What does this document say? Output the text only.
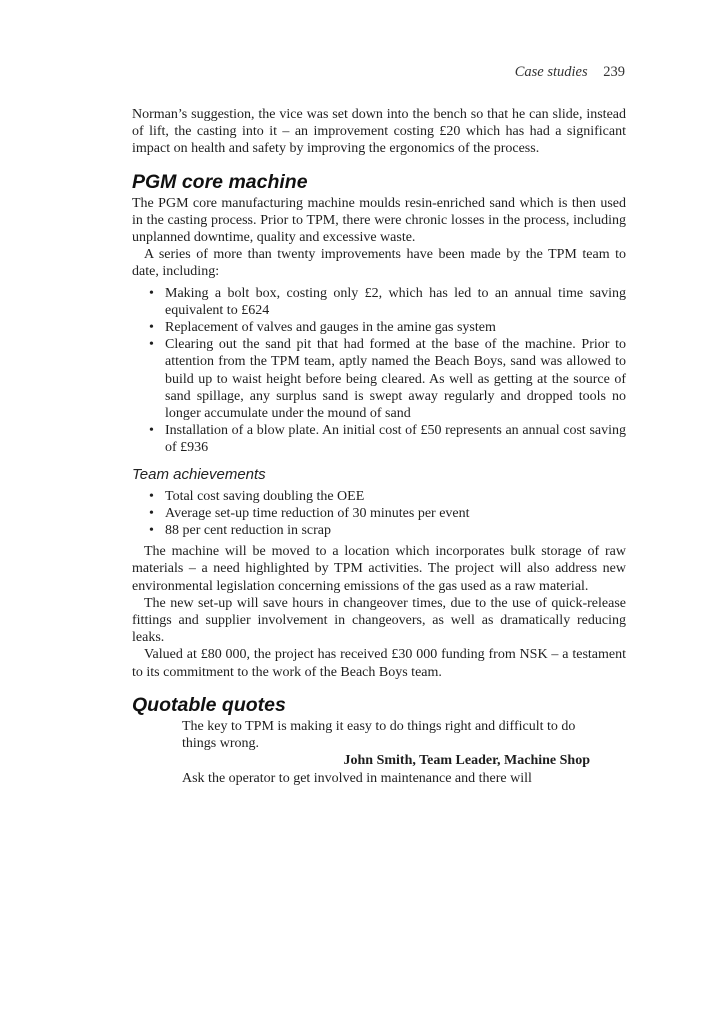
Case studies 239

Norman’s suggestion, the vice was set down into the bench so that he can slide, instead of lift, the casting into it – an improvement costing £20 which has had a significant impact on health and safety by improving the ergonomics of the process.

PGM core machine

The PGM core manufacturing machine moulds resin-enriched sand which is then used in the casting process. Prior to TPM, there were chronic losses in the process, including unplanned downtime, quality and excessive waste.

A series of more than twenty improvements have been made by the TPM team to date, including:

• Making a bolt box, costing only £2, which has led to an annual time saving equivalent to £624
• Replacement of valves and gauges in the amine gas system
• Clearing out the sand pit that had formed at the base of the machine. Prior to attention from the TPM team, aptly named the Beach Boys, sand was allowed to build up to waist height before being cleared. As well as getting at the source of sand spillage, any surplus sand is swept away regularly and dropped tools no longer accumulate under the mound of sand
• Installation of a blow plate. An initial cost of £50 represents an annual cost saving of £936
Team achievements
• Total cost saving doubling the OEE
• Average set-up time reduction of 30 minutes per event
• 88 per cent reduction in scrap

The machine will be moved to a location which incorporates bulk storage of raw materials – a need highlighted by TPM activities. The project will also address new environmental legislation concerning emissions of the gas used as a raw material.

The new set-up will save hours in changeover times, due to the use of quick-release fittings and supplier involvement in changeovers, as well as dramatically reducing leaks.

Valued at £80 000, the project has received £30 000 funding from NSK – a testament to its commitment to the work of the Beach Boys team.

Quotable quotes

The key to TPM is making it easy to do things right and difficult to do things wrong.

John Smith, Team Leader, Machine Shop

Ask the operator to get involved in maintenance and there will
